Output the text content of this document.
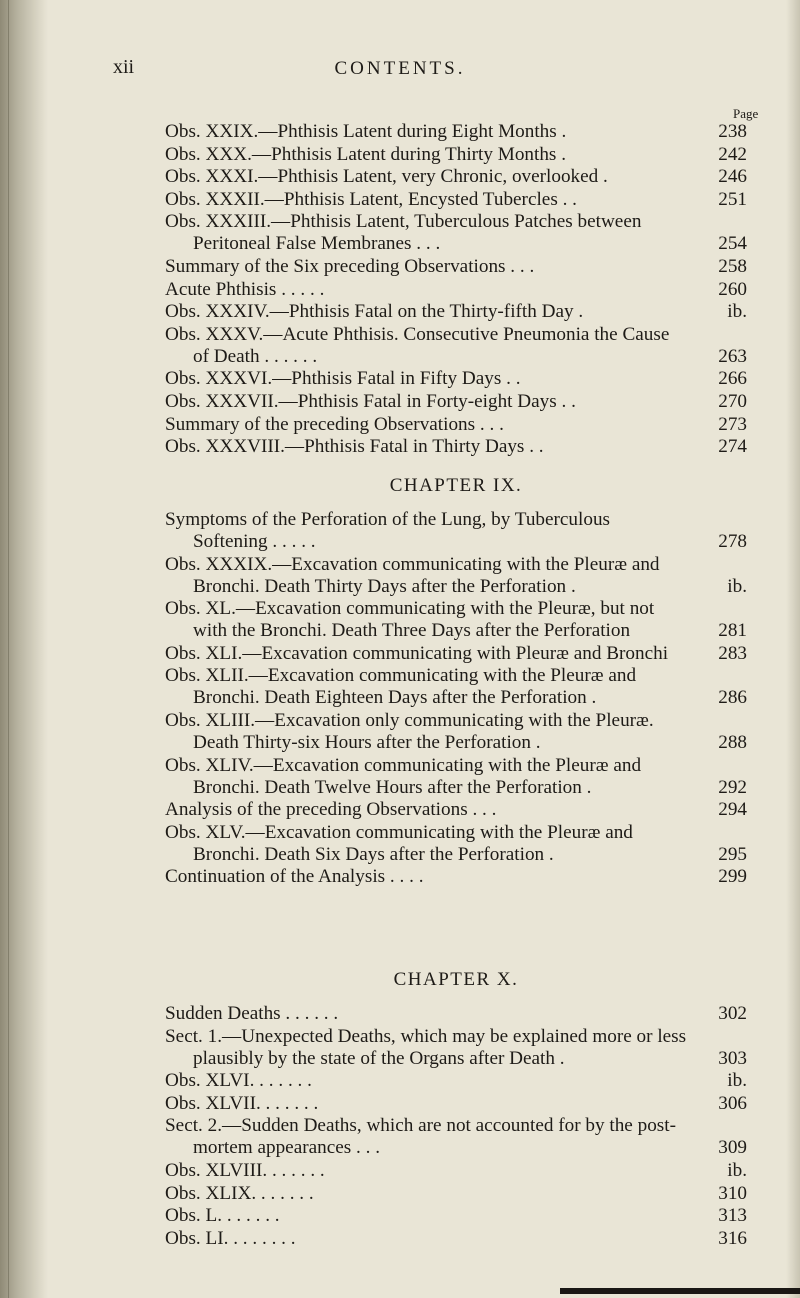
xii	CONTENTS.
Page
Obs. XXIX.—Phthisis Latent during Eight Months .	238
Obs. XXX.—Phthisis Latent during Thirty Months .	242
Obs. XXXI.—Phthisis Latent, very Chronic, overlooked .	246
Obs. XXXII.—Phthisis Latent, Encysted Tubercles . .	251
Obs. XXXIII.—Phthisis Latent, Tuberculous Patches between Peritoneal False Membranes . . .	254
Summary of the Six preceding Observations . . .	258
Acute Phthisis . . . . .	260
Obs. XXXIV.—Phthisis Fatal on the Thirty-fifth Day .	ib.
Obs. XXXV.—Acute Phthisis. Consecutive Pneumonia the Cause of Death . . . . . .	263
Obs. XXXVI.—Phthisis Fatal in Fifty Days . .	266
Obs. XXXVII.—Phthisis Fatal in Forty-eight Days . .	270
Summary of the preceding Observations . . .	273
Obs. XXXVIII.—Phthisis Fatal in Thirty Days . .	274
CHAPTER IX.
Symptoms of the Perforation of the Lung, by Tuberculous Softening . . . . .	278
Obs. XXXIX.—Excavation communicating with the Pleuræ and Bronchi. Death Thirty Days after the Perforation .	ib.
Obs. XL.—Excavation communicating with the Pleuræ, but not with the Bronchi. Death Three Days after the Perforation	281
Obs. XLI.—Excavation communicating with Pleuræ and Bronchi	283
Obs. XLII.—Excavation communicating with the Pleuræ and Bronchi. Death Eighteen Days after the Perforation .	286
Obs. XLIII.—Excavation only communicating with the Pleuræ. Death Thirty-six Hours after the Perforation .	288
Obs. XLIV.—Excavation communicating with the Pleuræ and Bronchi. Death Twelve Hours after the Perforation .	292
Analysis of the preceding Observations . . .	294
Obs. XLV.—Excavation communicating with the Pleuræ and Bronchi. Death Six Days after the Perforation .	295
Continuation of the Analysis . . . .	299
CHAPTER X.
Sudden Deaths . . . . . .	302
Sect. 1.—Unexpected Deaths, which may be explained more or less plausibly by the state of the Organs after Death .	303
Obs. XLVI. . . . . . .	ib.
Obs. XLVII. . . . . . .	306
Sect. 2.—Sudden Deaths, which are not accounted for by the post-mortem appearances . . .	309
Obs. XLVIII. . . . . . .	ib.
Obs. XLIX. . . . . . .	310
Obs. L. . . . . . .	313
Obs. LI. . . . . . . .	316
